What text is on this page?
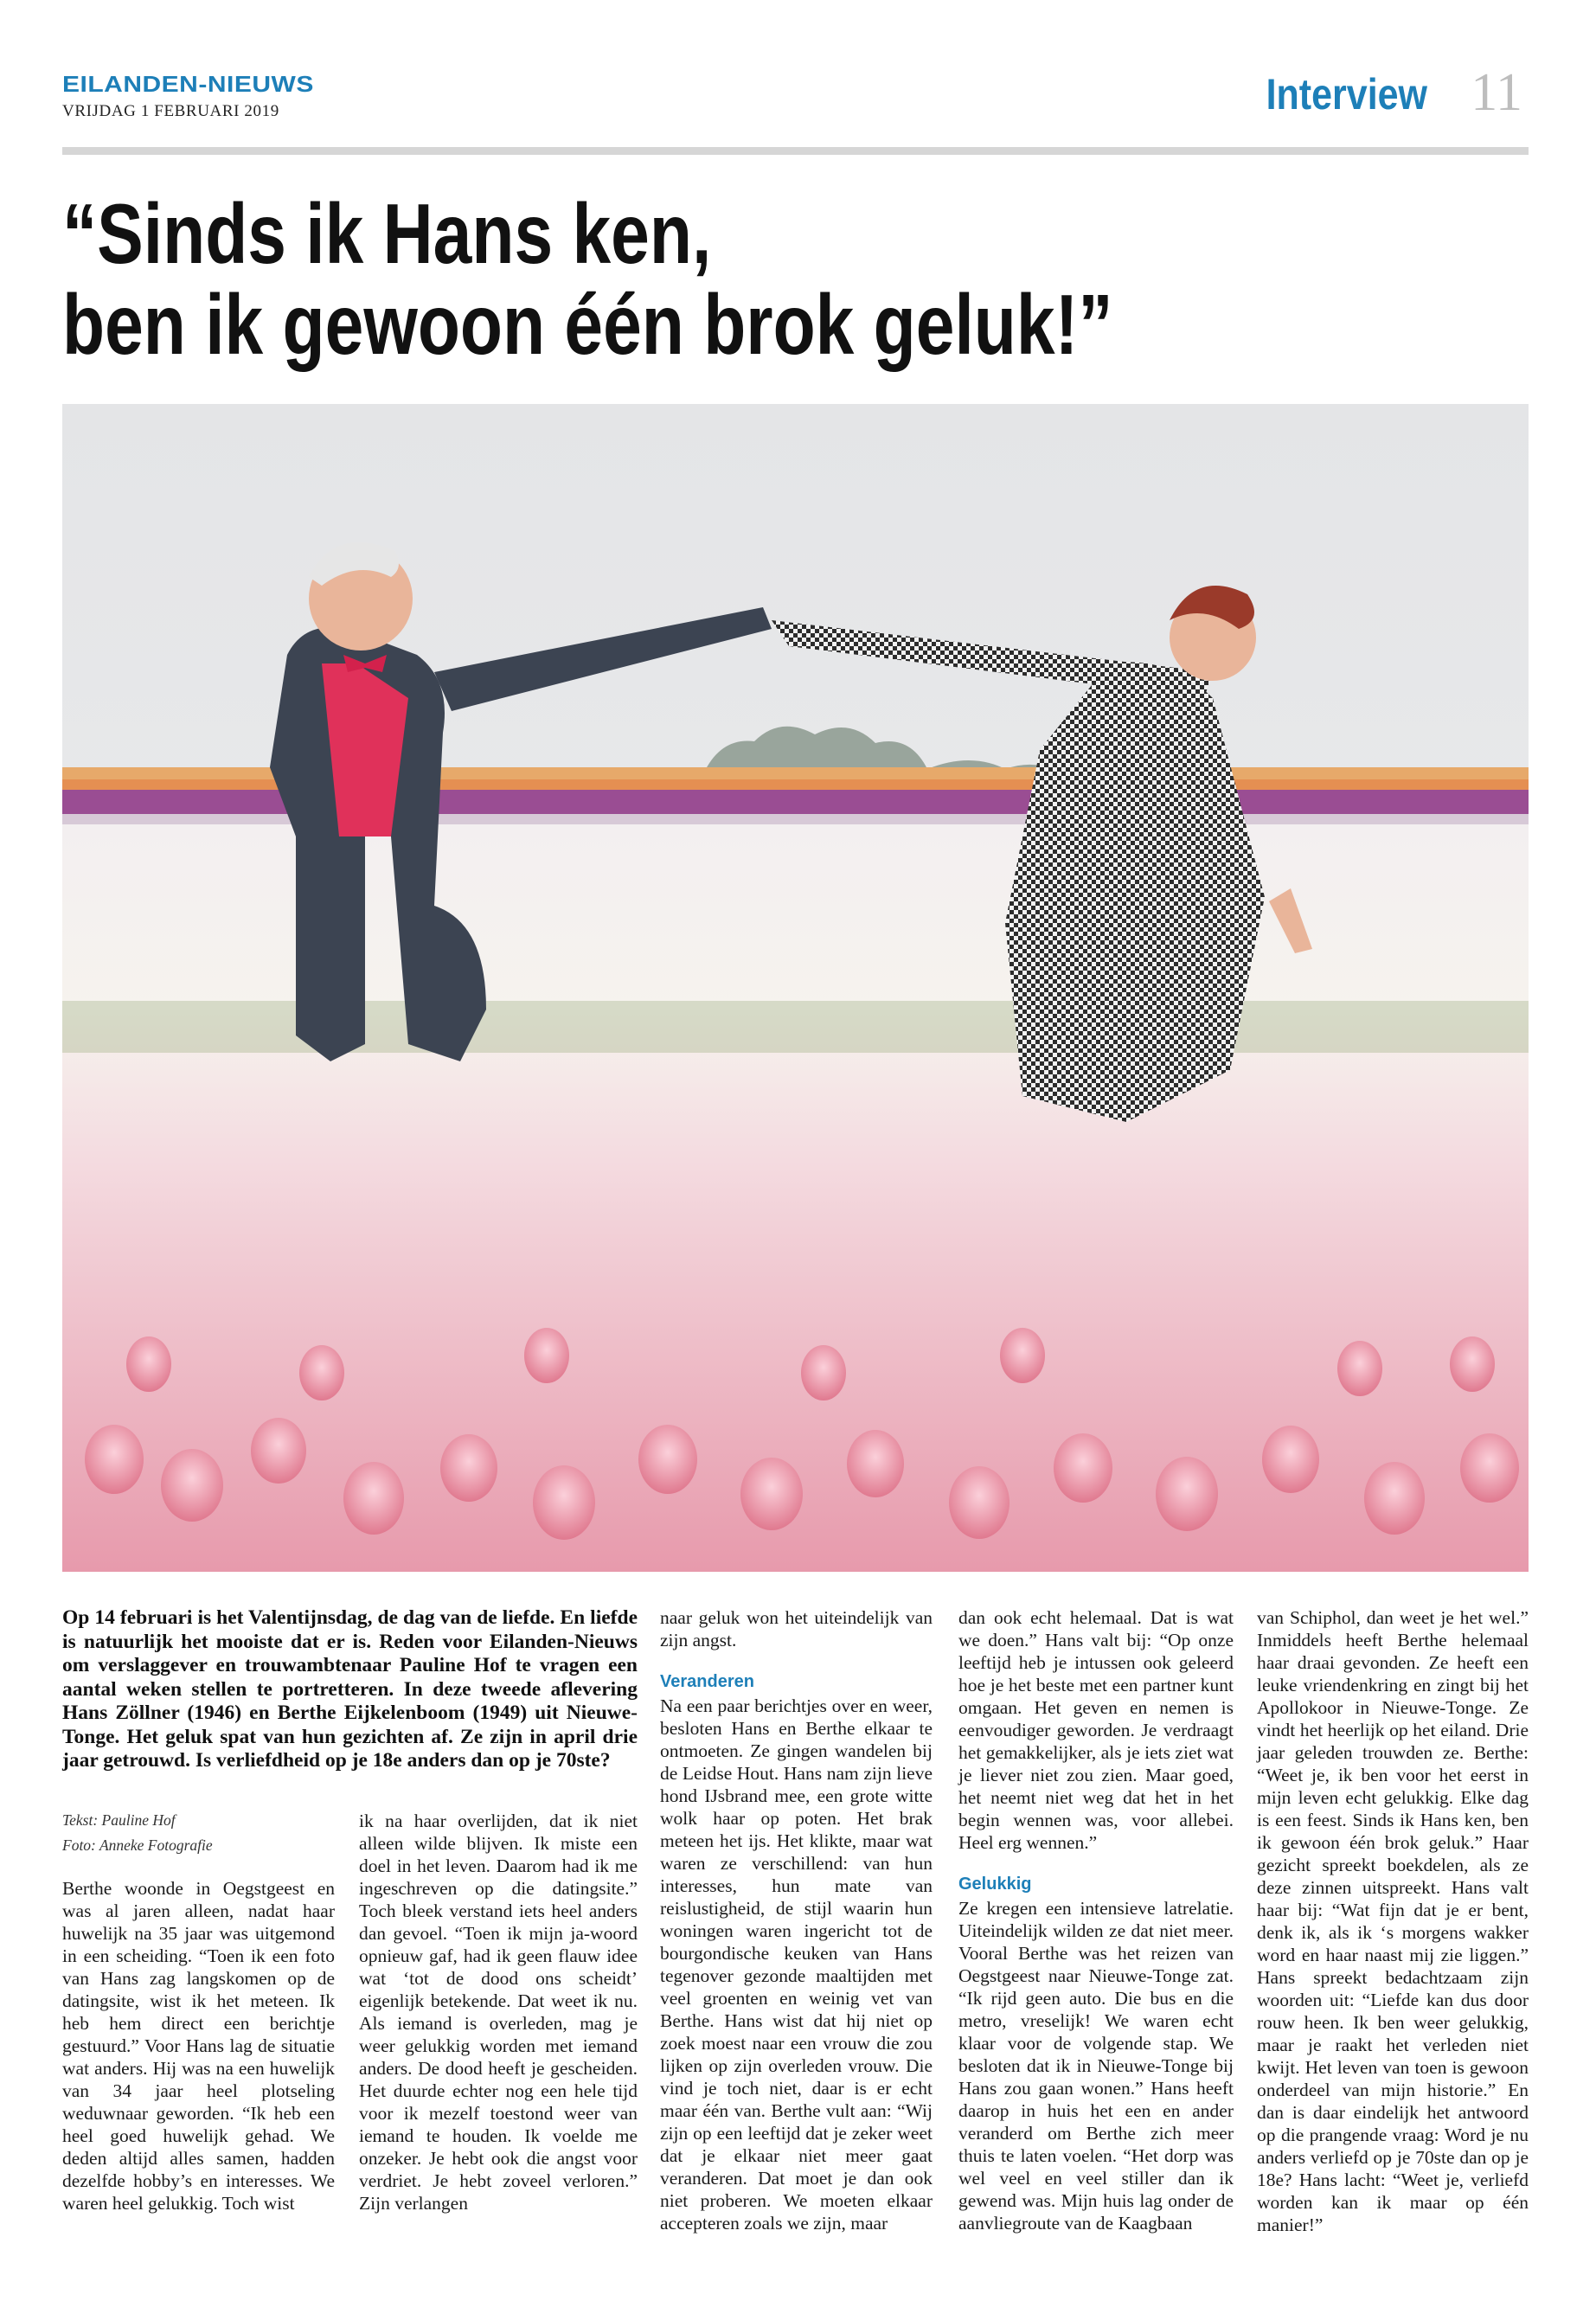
EILANDEN-NIEUWS
VRIJDAG 1 FEBRUARI 2019	Interview 11
“Sinds ik Hans ken,
ben ik gewoon één brok geluk!”

Op 14 februari is het Valentijnsdag, de dag van de liefde. En liefde is natuurlijk het mooiste dat er is. Reden voor Eilanden-Nieuws om verslaggever en trouwambtenaar Pauline Hof te vragen een aantal weken stellen te portretteren. In deze tweede aflevering Hans Zöllner (1946) en Berthe Eijkelenboom (1949) uit Nieuwe-Tonge. Het geluk spat van hun gezichten af. Ze zijn in april drie jaar getrouwd. Is verliefdheid op je 18e anders dan op je 70ste?

Tekst: Pauline Hof
Foto: Anneke Fotografie

Berthe woonde in Oegstgeest en was al jaren alleen, nadat haar huwelijk na 35 jaar was uitgemond in een scheiding. “Toen ik een foto van Hans zag langskomen op de datingsite, wist ik het meteen. Ik heb hem direct een berichtje gestuurd.” Voor Hans lag de situatie wat anders. Hij was na een huwelijk van 34 jaar heel plotseling weduwnaar geworden. “Ik heb een heel goed huwelijk gehad. We deden altijd alles samen, hadden dezelfde hobby’s en interesses. We waren heel gelukkig. Toch wist

ik na haar overlijden, dat ik niet alleen wilde blijven. Ik miste een doel in het leven. Daarom had ik me ingeschreven op die datingsite.” Toch bleek verstand iets heel anders dan gevoel. “Toen ik mijn ja-woord opnieuw gaf, had ik geen flauw idee wat ‘tot de dood ons scheidt’ eigenlijk betekende. Dat weet ik nu. Als iemand is overleden, mag je weer gelukkig worden met iemand anders. De dood heeft je gescheiden. Het duurde echter nog een hele tijd voor ik mezelf toestond weer van iemand te houden. Ik voelde me onzeker. Je hebt ook die angst voor verdriet. Je hebt zoveel verloren.” Zijn verlangen

naar geluk won het uiteindelijk van zijn angst.

Veranderen

Na een paar berichtjes over en weer, besloten Hans en Berthe elkaar te ontmoeten. Ze gingen wandelen bij de Leidse Hout. Hans nam zijn lieve hond IJsbrand mee, een grote witte wolk haar op poten. Het brak meteen het ijs. Het klikte, maar wat waren ze verschillend: van hun interesses, hun mate van reislustigheid, de stijl waarin hun woningen waren ingericht tot de bourgondische keuken van Hans tegenover gezonde maaltijden met veel groenten en weinig vet van Berthe. Hans wist dat hij niet op zoek moest naar een vrouw die zou lijken op zijn overleden vrouw. Die vind je toch niet, daar is er echt maar één van. Berthe vult aan: “Wij zijn op een leeftijd dat je zeker weet dat je elkaar niet meer gaat veranderen. Dat moet je dan ook niet proberen. We moeten elkaar accepteren zoals we zijn, maar

dan ook echt helemaal. Dat is wat we doen.” Hans valt bij: “Op onze leeftijd heb je intussen ook geleerd hoe je het beste met een partner kunt omgaan. Het geven en nemen is eenvoudiger geworden. Je verdraagt het gemakkelijker, als je iets ziet wat je liever niet zou zien. Maar goed, het neemt niet weg dat het in het begin wennen was, voor allebei. Heel erg wennen.”

Gelukkig

Ze kregen een intensieve latrelatie. Uiteindelijk wilden ze dat niet meer. Vooral Berthe was het reizen van Oegstgeest naar Nieuwe-Tonge zat. “Ik rijd geen auto. Die bus en die metro, vreselijk! We waren echt klaar voor de volgende stap. We besloten dat ik in Nieuwe-Tonge bij Hans zou gaan wonen.” Hans heeft daarop in huis het een en ander veranderd om Berthe zich meer thuis te laten voelen. “Het dorp was wel veel en veel stiller dan ik gewend was. Mijn huis lag onder de aanvliegroute van de Kaagbaan

van Schiphol, dan weet je het wel.” Inmiddels heeft Berthe helemaal haar draai gevonden. Ze heeft een leuke vriendenkring en zingt bij het Apollokoor in Nieuwe-Tonge. Ze vindt het heerlijk op het eiland. Drie jaar geleden trouwden ze. Berthe: “Weet je, ik ben voor het eerst in mijn leven echt gelukkig. Elke dag is een feest. Sinds ik Hans ken, ben ik gewoon één brok geluk.” Haar gezicht spreekt boekdelen, als ze deze zinnen uitspreekt. Hans valt haar bij: “Wat fijn dat je er bent, denk ik, als ik ‘s morgens wakker word en haar naast mij zie liggen.” Hans spreekt bedachtzaam zijn woorden uit: “Liefde kan dus door rouw heen. Ik ben weer gelukkig, maar je raakt het verleden niet kwijt. Het leven van toen is gewoon onderdeel van mijn historie.” En dan is daar eindelijk het antwoord op die prangende vraag: Word je nu anders verliefd op je 70ste dan op je 18e? Hans lacht: “Weet je, verliefd worden kan ik maar op één manier!”
